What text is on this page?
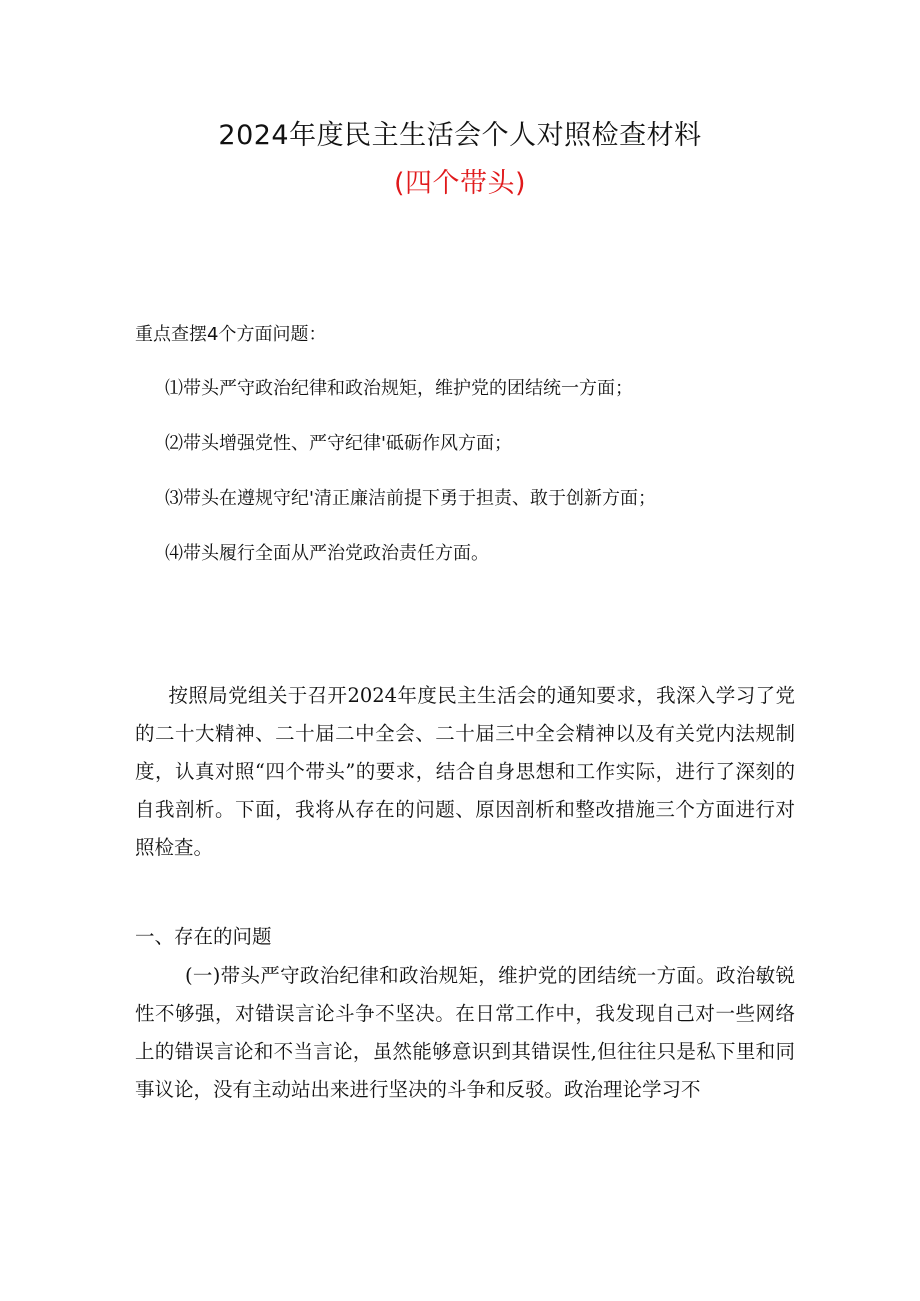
2024年度民主生活会个人对照检查材料
(四个带头)
重点查摆4个方面问题：
⑴带头严守政治纪律和政治规矩，维护党的团结统一方面；
⑵带头增强党性、严守纪律'砥砺作风方面；
⑶带头在遵规守纪'清正廉洁前提下勇于担责、敢于创新方面；
⑷带头履行全面从严治党政治责任方面。
按照局党组关于召开2024年度民主生活会的通知要求，我深入学习了党的二十大精神、二十届二中全会、二十届三中全会精神以及有关党内法规制度，认真对照“四个带头”的要求，结合自身思想和工作实际，进行了深刻的自我剖析。下面，我将从存在的问题、原因剖析和整改措施三个方面进行对照检查。
一、存在的问题
(一)带头严守政治纪律和政治规矩，维护党的团结统一方面。政治敏锐性不够强，对错误言论斗争不坚决。在日常工作中，我发现自己对一些网络上的错误言论和不当言论，虽然能够意识到其错误性,但往往只是私下里和同事议论，没有主动站出来进行坚决的斗争和反驳。政治理论学习不
